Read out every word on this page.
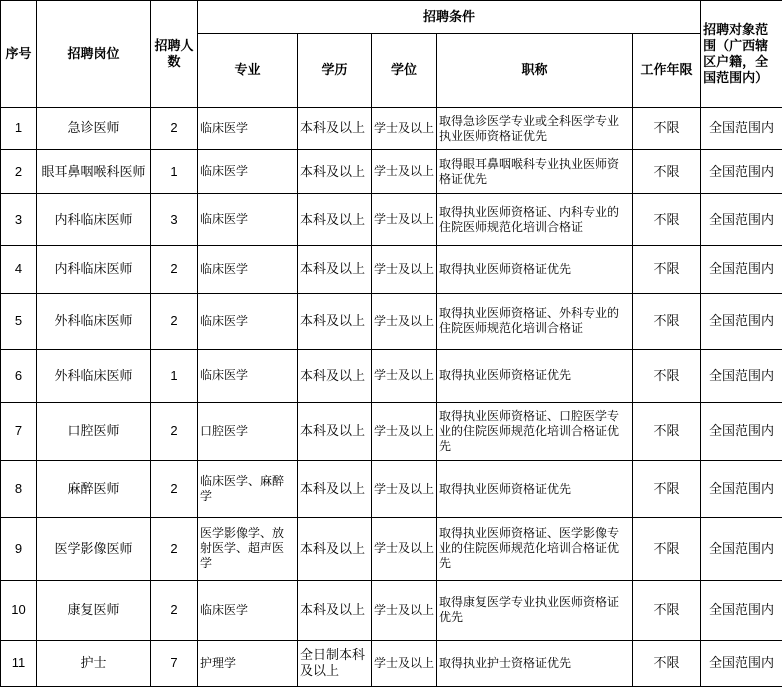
序号	招聘岗位	招聘人数	招聘条件					招聘对象范围（广西辖区户籍，全国范围内）
			专业	学历	学位	职称	工作年限	
1	急诊医师	2	临床医学	本科及以上	学士及以上	取得急诊医学专业或全科医学专业执业医师资格证优先	不限	全国范围内
2	眼耳鼻咽喉科医师	1	临床医学	本科及以上	学士及以上	取得眼耳鼻咽喉科专业执业医师资格证优先	不限	全国范围内
3	内科临床医师	3	临床医学	本科及以上	学士及以上	取得执业医师资格证、内科专业的住院医师规范化培训合格证	不限	全国范围内
4	内科临床医师	2	临床医学	本科及以上	学士及以上	取得执业医师资格证优先	不限	全国范围内
5	外科临床医师	2	临床医学	本科及以上	学士及以上	取得执业医师资格证、外科专业的住院医师规范化培训合格证	不限	全国范围内
6	外科临床医师	1	临床医学	本科及以上	学士及以上	取得执业医师资格证优先	不限	全国范围内
7	口腔医师	2	口腔医学	本科及以上	学士及以上	取得执业医师资格证、口腔医学专业的住院医师规范化培训合格证优先	不限	全国范围内
8	麻醉医师	2	临床医学、麻醉学	本科及以上	学士及以上	取得执业医师资格证优先	不限	全国范围内
9	医学影像医师	2	医学影像学、放射医学、超声医学	本科及以上	学士及以上	取得执业医师资格证、医学影像专业的住院医师规范化培训合格证优先	不限	全国范围内
10	康复医师	2	临床医学	本科及以上	学士及以上	取得康复医学专业执业医师资格证优先	不限	全国范围内
11	护士	7	护理学	全日制本科及以上	学士及以上	取得执业护士资格证优先	不限	全国范围内
